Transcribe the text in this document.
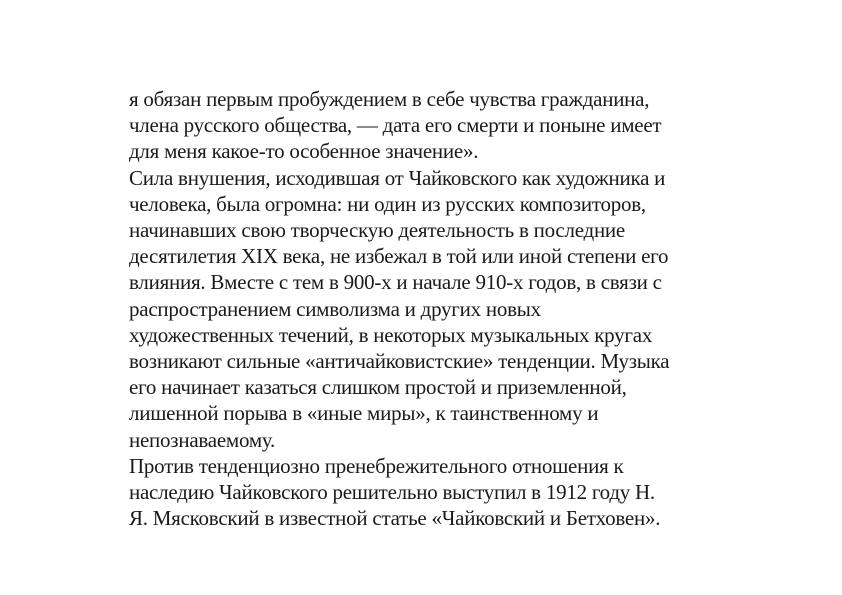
я обязан первым пробуждением в себе чувства гражданина,
члена русского общества, — дата его смерти и поныне имеет
для меня какое-то особенное значение».
Сила внушения, исходившая от Чайковского как художника и
человека, была огромна: ни один из русских композиторов,
начинавших свою творческую деятельность в последние
десятилетия XIX века, не избежал в той или иной степени его
влияния. Вместе с тем в 900-х и начале 910-х годов, в связи с
распространением символизма и других новых
художественных течений, в некоторых музыкальных кругах
возникают сильные «античайковистские» тенденции. Музыка
его начинает казаться слишком простой и приземленной,
лишенной порыва в «иные миры», к таинственному и
непознаваемому.
Против тенденциозно пренебрежительного отношения к
наследию Чайковского решительно выступил в 1912 году Н.
Я. Мясковский в известной статье «Чайковский и Бетховен».
